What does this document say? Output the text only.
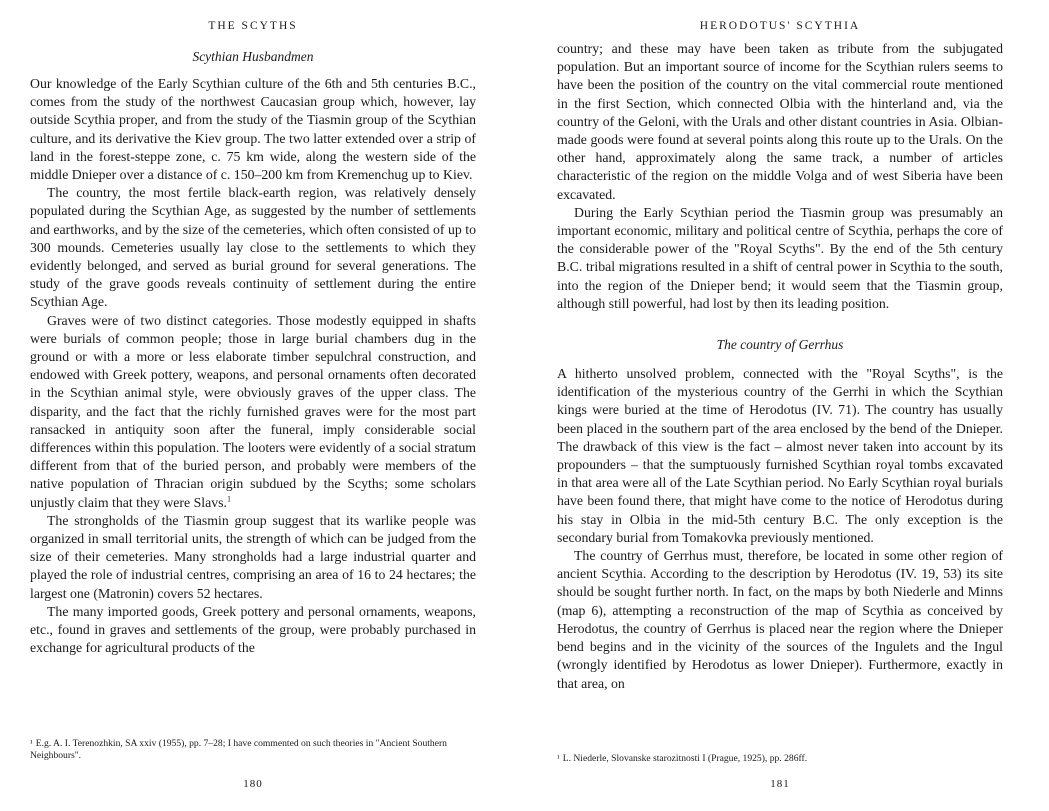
THE SCYTHS

Scythian Husbandmen

Our knowledge of the Early Scythian culture of the 6th and 5th centuries B.C., comes from the study of the northwest Caucasian group which, however, lay outside Scythia proper, and from the study of the Tiasmin group of the Scythian culture, and its derivative the Kiev group. The two latter extended over a strip of land in the forest-steppe zone, c. 75 km wide, along the western side of the middle Dnieper over a distance of c. 150–200 km from Kremenchug up to Kiev.

The country, the most fertile black-earth region, was relatively densely populated during the Scythian Age, as suggested by the number of settlements and earthworks, and by the size of the cemeteries, which often consisted of up to 300 mounds. Cemeteries usually lay close to the settlements to which they evidently belonged, and served as burial ground for several generations. The study of the grave goods reveals continuity of settlement during the entire Scythian Age.

Graves were of two distinct categories. Those modestly equipped in shafts were burials of common people; those in large burial chambers dug in the ground or with a more or less elaborate timber sepulchral construction, and endowed with Greek pottery, weapons, and personal ornaments often decorated in the Scythian animal style, were obviously graves of the upper class. The disparity, and the fact that the richly furnished graves were for the most part ransacked in antiquity soon after the funeral, imply considerable social differences within this population. The looters were evidently of a social stratum different from that of the buried person, and probably were members of the native population of Thracian origin subdued by the Scyths; some scholars unjustly claim that they were Slavs.$^1$

The strongholds of the Tiasmin group suggest that its warlike people was organized in small territorial units, the strength of which can be judged from the size of their cemeteries. Many strongholds had a large industrial quarter and played the role of industrial centres, comprising an area of 16 to 24 hectares; the largest one (Matronin) covers 52 hectares.

The many imported goods, Greek pottery and personal ornaments, weapons, etc., found in graves and settlements of the group, were probably purchased in exchange for agricultural products of the

¹ E.g. A. I. Terenozhkin, SA xxiv (1955), pp. 7–28; I have commented on such theories in "Ancient Southern Neighbours".
180
HERODOTUS' SCYTHIA

country; and these may have been taken as tribute from the subjugated population. But an important source of income for the Scythian rulers seems to have been the position of the country on the vital commercial route mentioned in the first Section, which connected Olbia with the hinterland and, via the country of the Geloni, with the Urals and other distant countries in Asia. Olbian-made goods were found at several points along this route up to the Urals. On the other hand, approximately along the same track, a number of articles characteristic of the region on the middle Volga and of west Siberia have been excavated.

During the Early Scythian period the Tiasmin group was presumably an important economic, military and political centre of Scythia, perhaps the core of the considerable power of the "Royal Scyths". By the end of the 5th century B.C. tribal migrations resulted in a shift of central power in Scythia to the south, into the region of the Dnieper bend; it would seem that the Tiasmin group, although still powerful, had lost by then its leading position.

The country of Gerrhus

A hitherto unsolved problem, connected with the "Royal Scyths", is the identification of the mysterious country of the Gerrhi in which the Scythian kings were buried at the time of Herodotus (IV. 71). The country has usually been placed in the southern part of the area enclosed by the bend of the Dnieper. The drawback of this view is the fact – almost never taken into account by its propounders – that the sumptuously furnished Scythian royal tombs excavated in that area were all of the Late Scythian period. No Early Scythian royal burials have been found there, that might have come to the notice of Herodotus during his stay in Olbia in the mid-5th century B.C. The only exception is the secondary burial from Tomakovka previously mentioned.

The country of Gerrhus must, therefore, be located in some other region of ancient Scythia. According to the description by Herodotus (IV. 19, 53) its site should be sought further north. In fact, on the maps by both Niederle and Minns (map 6), attempting a reconstruction of the map of Scythia as conceived by Herodotus, the country of Gerrhus is placed near the region where the Dnieper bend begins and in the vicinity of the sources of the Ingulets and the Ingul (wrongly identified by Herodotus as lower Dnieper). Furthermore, exactly in that area, on

¹ L. Niederle, Slovanske starozitnosti I (Prague, 1925), pp. 286ff.
181
